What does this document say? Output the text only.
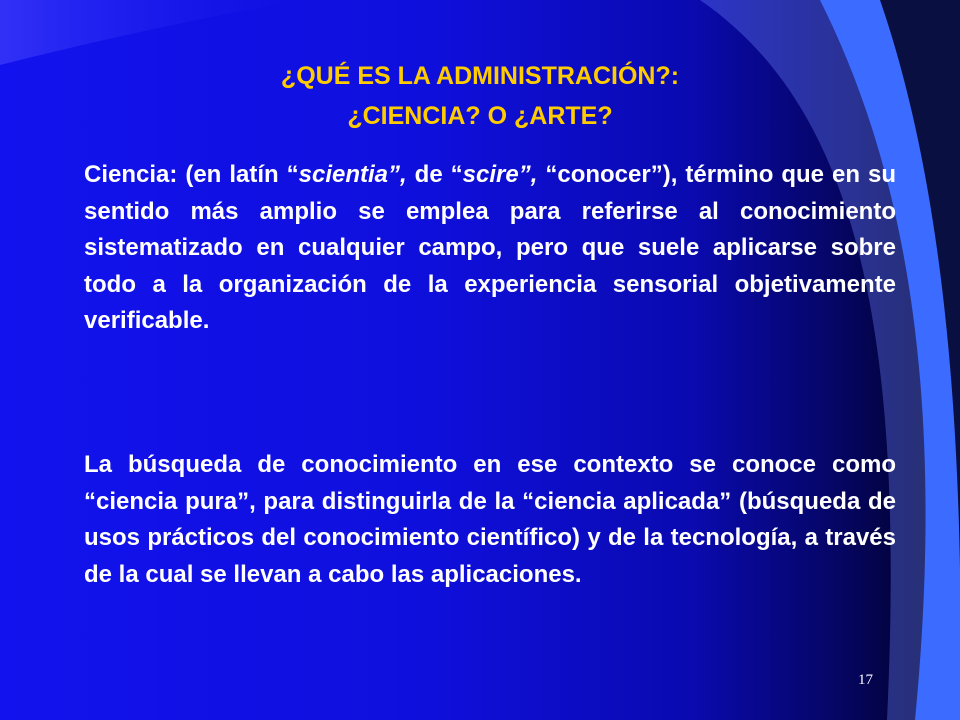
¿QUÉ ES LA ADMINISTRACIÓN?:
¿CIENCIA? O ¿ARTE?
Ciencia: (en latín “scientia”, de “scire”, “conocer”), término que en su sentido más amplio se emplea para referirse al conocimiento sistematizado en cualquier campo, pero que suele aplicarse sobre todo a la organización de la experiencia sensorial objetivamente verificable.
La búsqueda de conocimiento en ese contexto se conoce como “ciencia pura”, para distinguirla de la “ciencia aplicada” (búsqueda de usos prácticos del conocimiento científico) y de la tecnología, a través de la cual se llevan a cabo las aplicaciones.
17
